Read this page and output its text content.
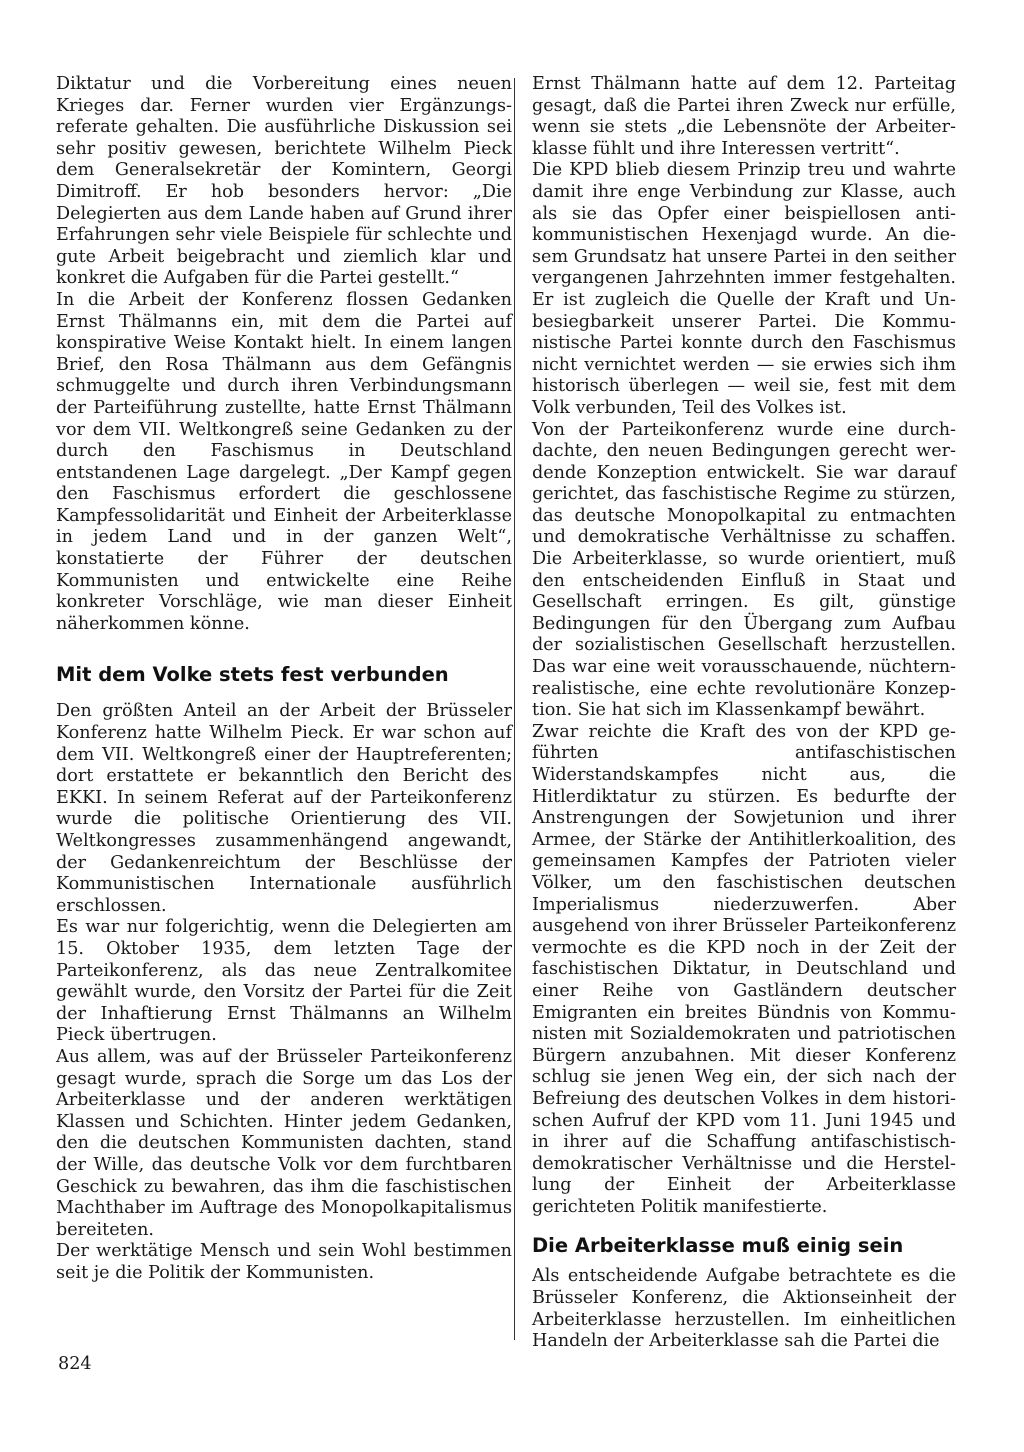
Diktatur und die Vorbereitung eines neuen Krieges dar. Ferner wurden vier Ergänzungsreferate gehalten. Die ausführliche Diskussion sei sehr positiv gewesen, berichtete Wilhelm Pieck dem Generalsekretär der Komintern, Georgi Dimitroff. Er hob besonders hervor: „Die Delegierten aus dem Lande haben auf Grund ihrer Erfahrungen sehr viele Beispiele für schlechte und gute Arbeit beigebracht und ziemlich klar und konkret die Aufgaben für die Partei gestellt.“

In die Arbeit der Konferenz flossen Gedanken Ernst Thälmanns ein, mit dem die Partei auf konspirative Weise Kontakt hielt. In einem langen Brief, den Rosa Thälmann aus dem Gefängnis schmuggelte und durch ihren Verbindungsmann der Parteiführung zustellte, hatte Ernst Thälmann vor dem VII. Weltkongreß seine Gedanken zu der durch den Faschismus in Deutschland entstandenen Lage dargelegt. „Der Kampf gegen den Faschismus erfordert die geschlossene Kampfessolidarität und Einheit der Arbeiterklasse in jedem Land und in der ganzen Welt“, konstatierte der Führer der deutschen Kommunisten und entwickelte eine Reihe konkreter Vorschläge, wie man dieser Einheit näherkommen könne.

Mit dem Volke stets fest verbunden

Den größten Anteil an der Arbeit der Brüsseler Konferenz hatte Wilhelm Pieck. Er war schon auf dem VII. Weltkongreß einer der Hauptreferenten; dort erstattete er bekanntlich den Bericht des EKKI. In seinem Referat auf der Parteikonferenz wurde die politische Orientierung des VII. Weltkongresses zusammenhängend angewandt, der Gedankenreichtum der Beschlüsse der Kommunistischen Internationale ausführlich erschlossen.

Es war nur folgerichtig, wenn die Delegierten am 15. Oktober 1935, dem letzten Tage der Parteikonferenz, als das neue Zentralkomitee gewählt wurde, den Vorsitz der Partei für die Zeit der Inhaftierung Ernst Thälmanns an Wilhelm Pieck übertrugen.

Aus allem, was auf der Brüsseler Parteikonferenz gesagt wurde, sprach die Sorge um das Los der Arbeiterklasse und der anderen werktätigen Klassen und Schichten. Hinter jedem Gedanken, den die deutschen Kommunisten dachten, stand der Wille, das deutsche Volk vor dem furchtbaren Geschick zu bewahren, das ihm die faschistischen Machthaber im Auftrage des Monopolkapitalismus bereiteten.

Der werktätige Mensch und sein Wohl bestimmen seit je die Politik der Kommunisten.

Ernst Thälmann hatte auf dem 12. Parteitag gesagt, daß die Partei ihren Zweck nur erfülle, wenn sie stets „die Lebensnöte der Arbeiterklasse fühlt und ihre Interessen vertritt“.

Die KPD blieb diesem Prinzip treu und wahrte damit ihre enge Verbindung zur Klasse, auch als sie das Opfer einer beispiellosen antikommunistischen Hexenjagd wurde. An diesem Grundsatz hat unsere Partei in den seither vergangenen Jahrzehnten immer festgehalten. Er ist zugleich die Quelle der Kraft und Unbesiegbarkeit unserer Partei. Die Kommunistische Partei konnte durch den Faschismus nicht vernichtet werden — sie erwies sich ihm historisch überlegen — weil sie, fest mit dem Volk verbunden, Teil des Volkes ist.

Von der Parteikonferenz wurde eine durchdachte, den neuen Bedingungen gerecht werdende Konzeption entwickelt. Sie war darauf gerichtet, das faschistische Regime zu stürzen, das deutsche Monopolkapital zu entmachten und demokratische Verhältnisse zu schaffen. Die Arbeiterklasse, so wurde orientiert, muß den entscheidenden Einfluß in Staat und Gesellschaft erringen. Es gilt, günstige Bedingungen für den Übergang zum Aufbau der sozialistischen Gesellschaft herzustellen. Das war eine weit vorausschauende, nüchternrealistische, eine echte revolutionäre Konzeption. Sie hat sich im Klassenkampf bewährt.

Zwar reichte die Kraft des von der KPD geführten antifaschistischen Widerstandskampfes nicht aus, die Hitlerdiktatur zu stürzen. Es bedurfte der Anstrengungen der Sowjetunion und ihrer Armee, der Stärke der Antihitlerkoalition, des gemeinsamen Kampfes der Patrioten vieler Völker, um den faschistischen deutschen Imperialismus niederzuwerfen. Aber ausgehend von ihrer Brüsseler Parteikonferenz vermochte es die KPD noch in der Zeit der faschistischen Diktatur, in Deutschland und einer Reihe von Gastländern deutscher Emigranten ein breites Bündnis von Kommunisten mit Sozialdemokraten und patriotischen Bürgern anzubahnen. Mit dieser Konferenz schlug sie jenen Weg ein, der sich nach der Befreiung des deutschen Volkes in dem historischen Aufruf der KPD vom 11. Juni 1945 und in ihrer auf die Schaffung antifaschistischdemokratischer Verhältnisse und die Herstellung der Einheit der Arbeiterklasse gerichteten Politik manifestierte.

Die Arbeiterklasse muß einig sein

Als entscheidende Aufgabe betrachtete es die Brüsseler Konferenz, die Aktionseinheit der Arbeiterklasse herzustellen. Im einheitlichen Handeln der Arbeiterklasse sah die Partei die

824
